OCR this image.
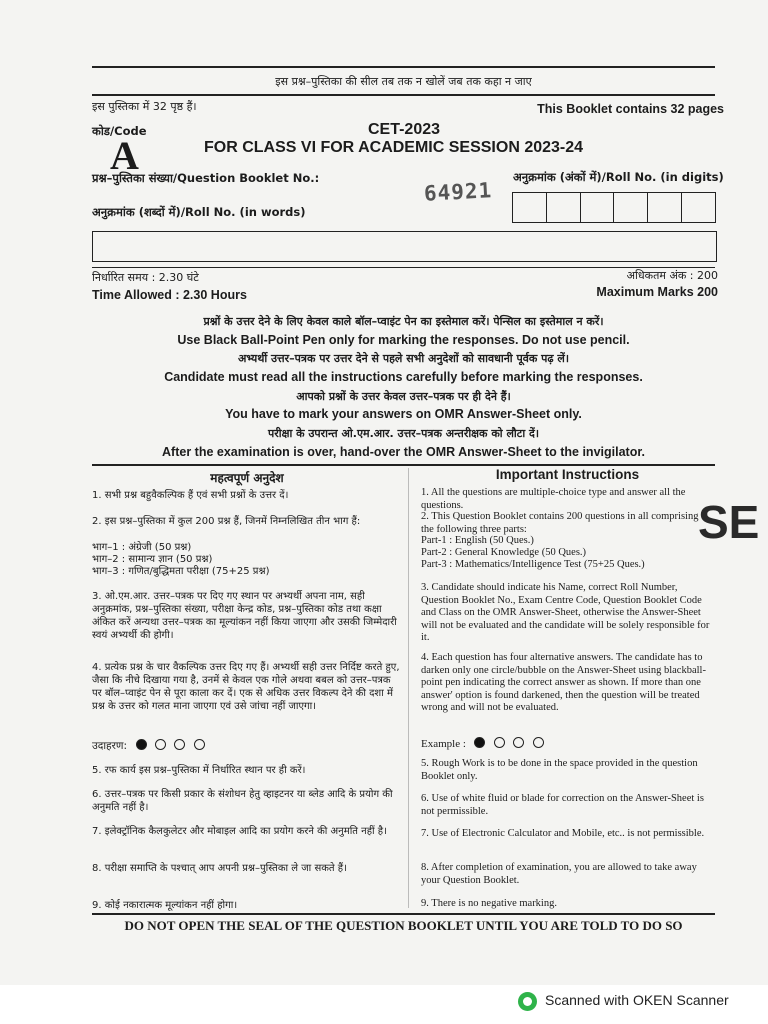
इस प्रश्न–पुस्तिका की सील तब तक न खोलें जब तक कहा न जाए
इस पुस्तिका में 32 पृष्ठ हैं।	This Booklet contains 32 pages
कोड/Code
A
CET-2023
FOR CLASS VI FOR ACADEMIC SESSION 2023-24
प्रश्न–पुस्तिका संख्या/Question Booklet No.:
64921
अनुक्रमांक (अंकों में)/Roll No. (in digits)
अनुक्रमांक (शब्दों में)/Roll No. (in words)
निर्धारित समय : 2.30 घंटे
Time Allowed : 2.30 Hours
अधिकतम अंक : 200
Maximum Marks 200
प्रश्नों के उत्तर देने के लिए केवल काले बॉल–प्वाइंट पेन का इस्तेमाल करें। पेन्सिल का इस्तेमाल न करें।
Use Black Ball-Point Pen only for marking the responses. Do not use pencil.
अभ्यर्थी उत्तर–पत्रक पर उत्तर देने से पहले सभी अनुदेशों को सावधानी पूर्वक पढ़ लें।
Candidate must read all the instructions carefully before marking the responses.
आपको प्रश्नों के उत्तर केवल उत्तर–पत्रक पर ही देने हैं।
You have to mark your answers on OMR Answer-Sheet only.
परीक्षा के उपरान्त ओ.एम.आर. उत्तर–पत्रक अन्तरीक्षक को लौटा दें।
After the examination is over, hand-over the OMR Answer-Sheet to the invigilator.
महत्वपूर्ण अनुदेश
1. सभी प्रश्न बहुवैकल्पिक हैं एवं सभी प्रश्नों के उत्तर दें।
2. इस प्रश्न–पुस्तिका में कुल 200 प्रश्न हैं, जिनमें निम्नलिखित तीन भाग हैं:
भाग–1 : अंग्रेजी (50 प्रश्न)
भाग–2 : सामान्य ज्ञान (50 प्रश्न)
भाग–3 : गणित/बुद्धिमता परीक्षा (75+25 प्रश्न)
3. ओ.एम.आर. उत्तर–पत्रक पर दिए गए स्थान पर अभ्यर्थी अपना नाम, सही अनुक्रमांक, प्रश्न–पुस्तिका संख्या, परीक्षा केन्द्र कोड, प्रश्न–पुस्तिका कोड तथा कक्षा अंकित करें अन्यथा उत्तर–पत्रक का मूल्यांकन नहीं किया जाएगा और उसकी जिम्मेदारी स्वयं अभ्यर्थी की होगी।
4. प्रत्येक प्रश्न के चार वैकल्पिक उत्तर दिए गए हैं। अभ्यर्थी सही उत्तर निर्दिष्ट करते हुए, जैसा कि नीचे दिखाया गया है, उनमें से केवल एक गोले अथवा बबल को उत्तर–पत्रक पर बॉल–प्वाइंट पेन से पूरा काला कर दें। एक से अधिक उत्तर विकल्प देने की दशा में प्रश्न के उत्तर को गलत माना जाएगा एवं उसे जांचा नहीं जाएगा।
उदाहरण:
5. रफ कार्य इस प्रश्न–पुस्तिका में निर्धारित स्थान पर ही करें।
6. उत्तर–पत्रक पर किसी प्रकार के संशोधन हेतु व्हाइटनर या ब्लेड आदि के प्रयोग की अनुमति नहीं है।
7. इलेक्ट्रॉनिक कैलकुलेटर और मोबाइल आदि का प्रयोग करने की अनुमति नहीं है।
8. परीक्षा समाप्ति के पश्चात् आप अपनी प्रश्न–पुस्तिका ले जा सकते हैं।
9. कोई नकारात्मक मूल्यांकन नहीं होगा।
Important Instructions
1. All the questions are multiple-choice type and answer all the questions.
2. This Question Booklet contains 200 questions in all comprising the following three parts:
Part-1 : English (50 Ques.)
Part-2 : General Knowledge (50 Ques.)
Part-3 : Mathematics/Intelligence Test (75+25 Ques.)
3. Candidate should indicate his Name, correct Roll Number, Question Booklet No., Exam Centre Code, Question Booklet Code and Class on the OMR Answer-Sheet, otherwise the Answer-Sheet will not be evaluated and the candidate will be solely responsible for it.
4. Each question has four alternative answers. The candidate has to darken only one circle/bubble on the Answer-Sheet using blackball-point pen indicating the correct answer as shown. If more than one answer' option is found darkened, then the question will be treated wrong and will not be evaluated.
Example :
5. Rough Work is to be done in the space provided in the question Booklet only.
6. Use of white fluid or blade for correction on the Answer-Sheet is not permissible.
7. Use of Electronic Calculator and Mobile, etc.. is not permissible.
8. After completion of examination, you are allowed to take away your Question Booklet.
9. There is no negative marking.
SE
DO NOT OPEN THE SEAL OF THE QUESTION BOOKLET UNTIL YOU ARE TOLD TO DO SO
Scanned with OKEN Scanner
